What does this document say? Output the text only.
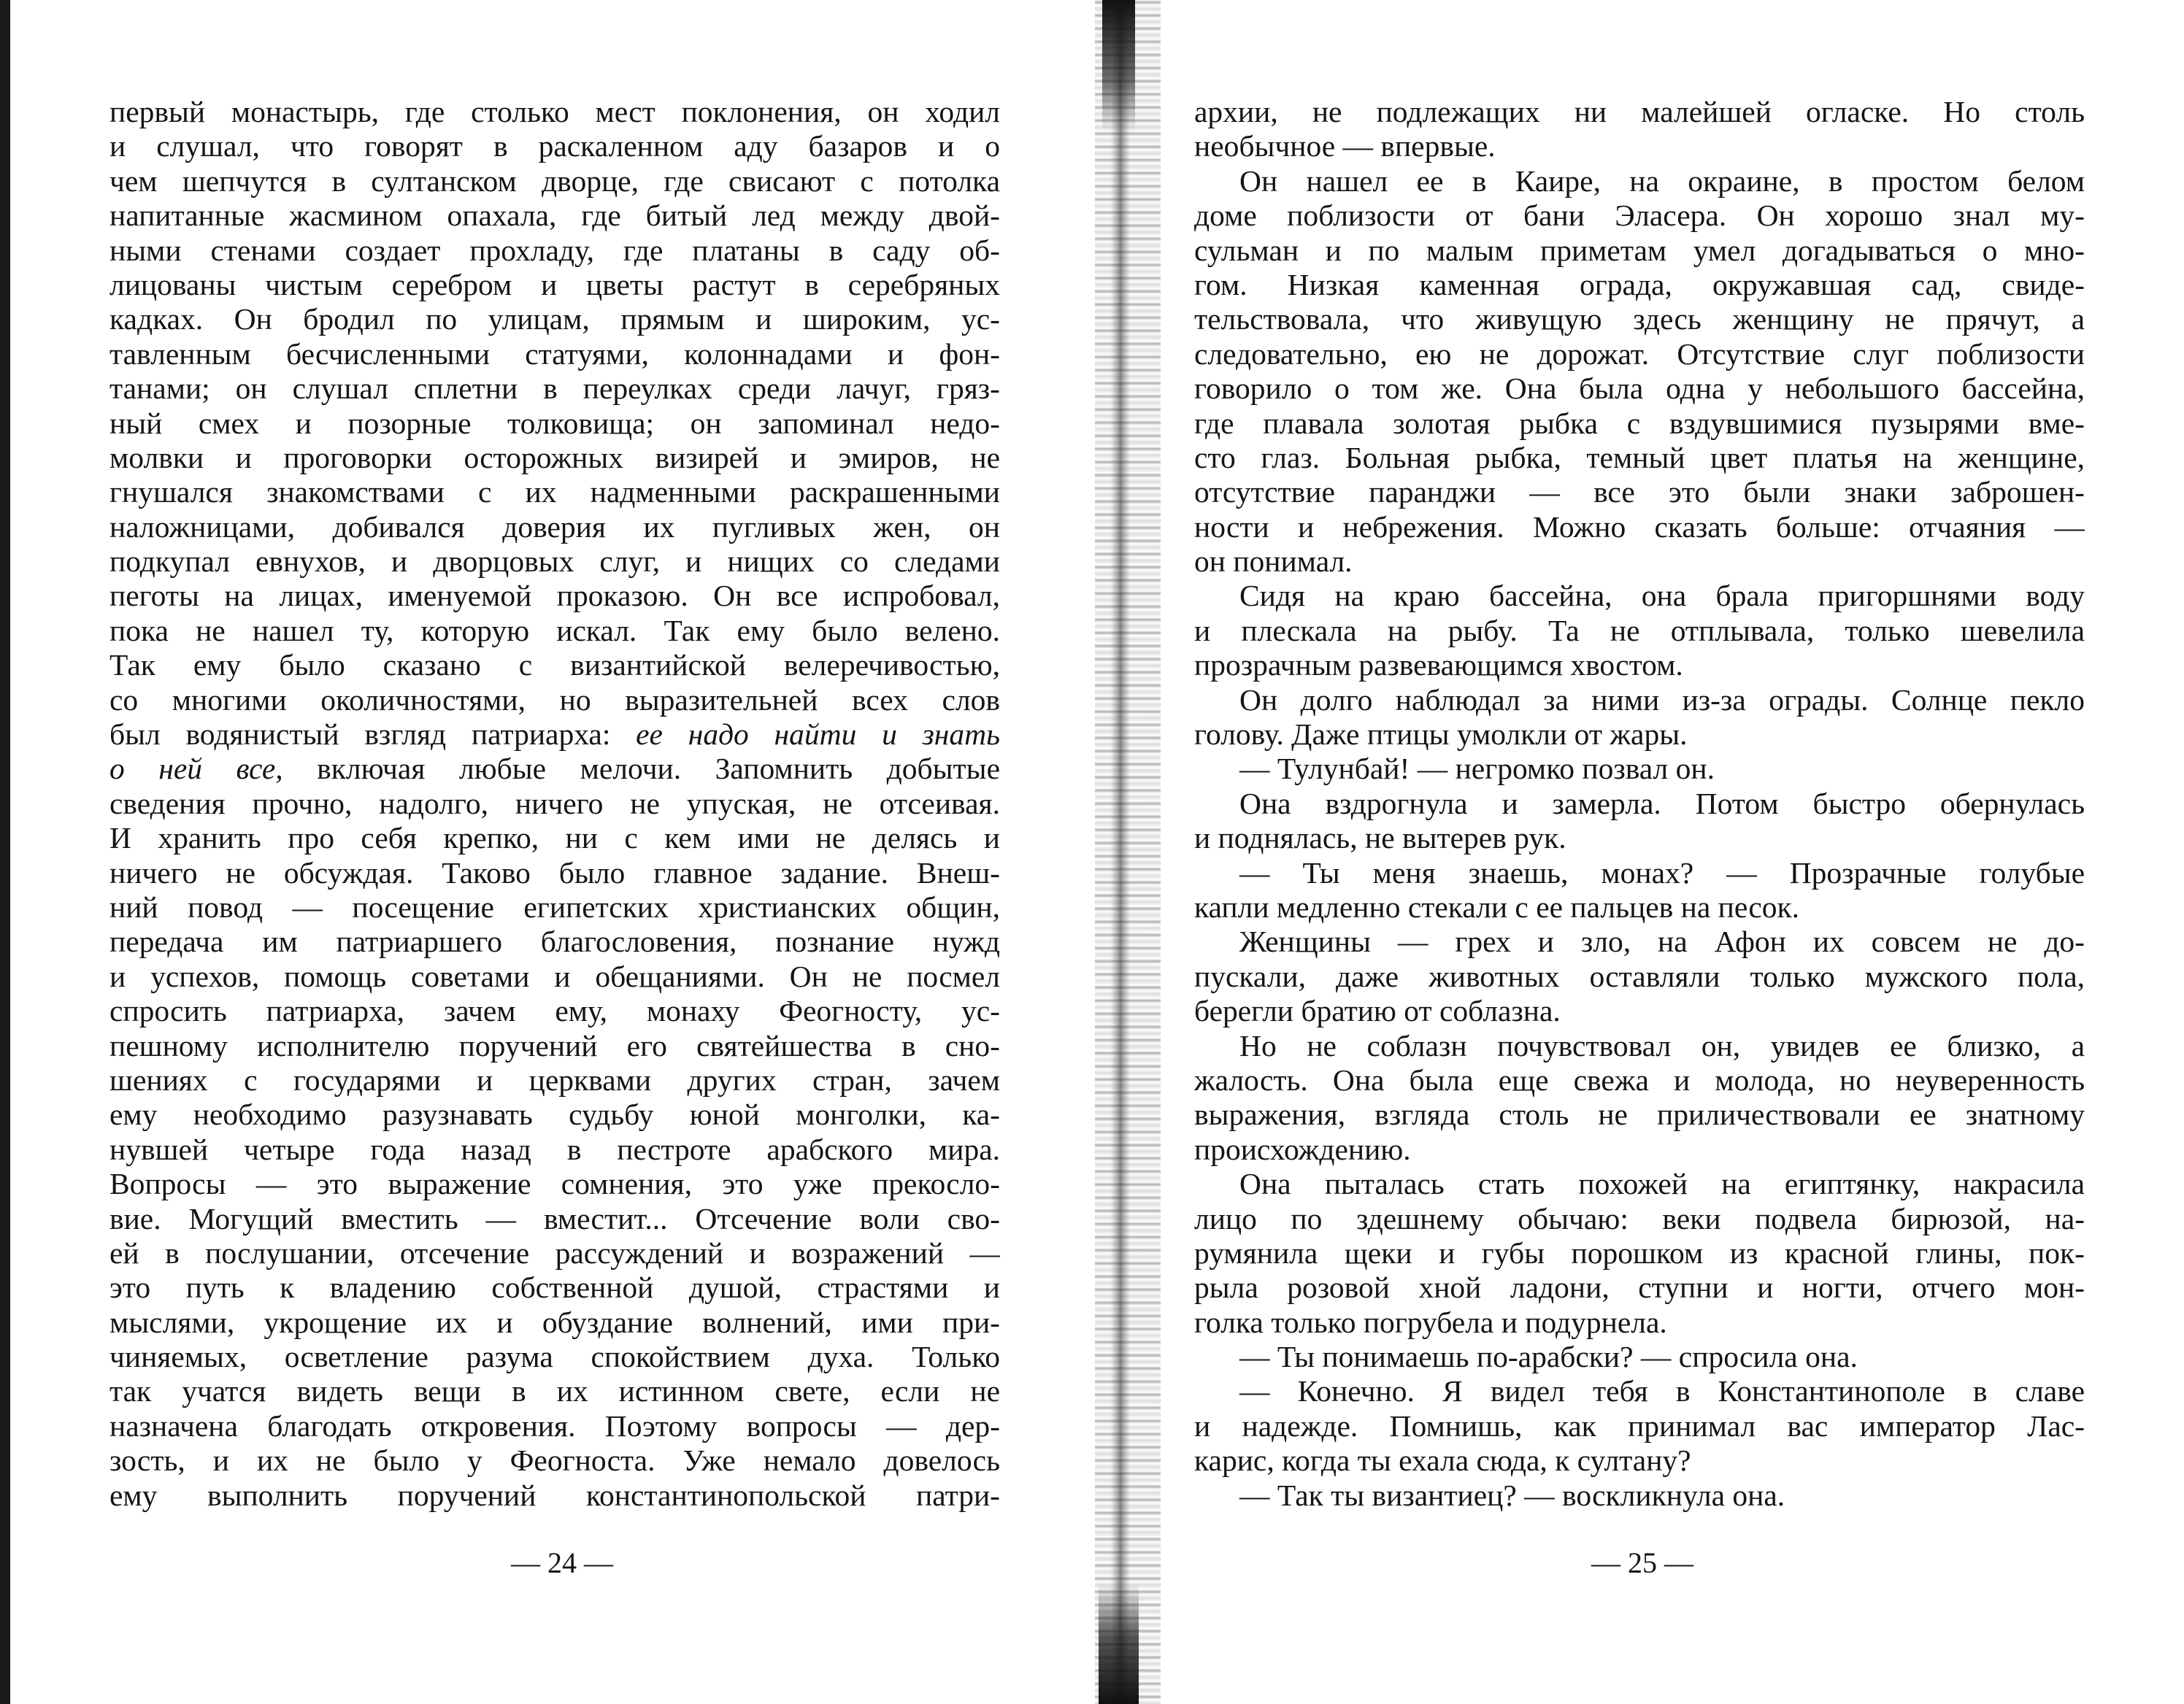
первый монастырь, где столько мест поклонения, он ходил
и слушал, что говорят в раскаленном аду базаров и о
чем шепчутся в султанском дворце, где свисают с потолка
напитанные жасмином опахала, где битый лед между двой-
ными стенами создает прохладу, где платаны в саду об-
лицованы чистым серебром и цветы растут в серебряных
кадках. Он бродил по улицам, прямым и широким, ус-
тавленным бесчисленными статуями, колоннадами и фон-
танами; он слушал сплетни в переулках среди лачуг, гряз-
ный смех и позорные толковища; он запоминал недо-
молвки и проговорки осторожных визирей и эмиров, не
гнушался знакомствами с их надменными раскрашенными
наложницами, добивался доверия их пугливых жен, он
подкупал евнухов, и дворцовых слуг, и нищих со следами
пеготы на лицах, именуемой проказою. Он все испробовал,
пока не нашел ту, которую искал. Так ему было велено.
Так ему было сказано с византийской велеречивостью,
со многими околичностями, но выразительней всех слов
был водянистый взгляд патриарха: ее надо найти и знать
о ней все, включая любые мелочи. Запомнить добытые
сведения прочно, надолго, ничего не упуская, не отсеивая.
И хранить про себя крепко, ни с кем ими не делясь и
ничего не обсуждая. Таково было главное задание. Внеш-
ний повод — посещение египетских христианских общин,
передача им патриаршего благословения, познание нужд
и успехов, помощь советами и обещаниями. Он не посмел
спросить патриарха, зачем ему, монаху Феогносту, ус-
пешному исполнителю поручений его святейшества в сно-
шениях с государями и церквами других стран, зачем
ему необходимо разузнавать судьбу юной монголки, ка-
нувшей четыре года назад в пестроте арабского мира.
Вопросы — это выражение сомнения, это уже прекосло-
вие. Могущий вместить — вместит... Отсечение воли сво-
ей в послушании, отсечение рассуждений и возражений —
это путь к владению собственной душой, страстями и
мыслями, укрощение их и обуздание волнений, ими при-
чиняемых, осветление разума спокойствием духа. Только
так учатся видеть вещи в их истинном свете, если не
назначена благодать откровения. Поэтому вопросы — дер-
зость, и их не было у Феогноста. Уже немало довелось
ему выполнить поручений константинопольской патри-
— 24 —
архии, не подлежащих ни малейшей огласке. Но столь
необычное — впервые.
Он нашел ее в Каире, на окраине, в простом белом
доме поблизости от бани Эласера. Он хорошо знал му-
сульман и по малым приметам умел догадываться о мно-
гом. Низкая каменная ограда, окружавшая сад, свиде-
тельствовала, что живущую здесь женщину не прячут, а
следовательно, ею не дорожат. Отсутствие слуг поблизости
говорило о том же. Она была одна у небольшого бассейна,
где плавала золотая рыбка с вздувшимися пузырями вме-
сто глаз. Больная рыбка, темный цвет платья на женщине,
отсутствие паранджи — все это были знаки заброшен-
ности и небрежения. Можно сказать больше: отчаяния —
он понимал.
Сидя на краю бассейна, она брала пригоршнями воду
и плескала на рыбу. Та не отплывала, только шевелила
прозрачным развевающимся хвостом.
Он долго наблюдал за ними из-за ограды. Солнце пекло
голову. Даже птицы умолкли от жары.
— Тулунбай! — негромко позвал он.
Она вздрогнула и замерла. Потом быстро обернулась
и поднялась, не вытерев рук.
— Ты меня знаешь, монах? — Прозрачные голубые
капли медленно стекали с ее пальцев на песок.
Женщины — грех и зло, на Афон их совсем не до-
пускали, даже животных оставляли только мужского пола,
берегли братию от соблазна.
Но не соблазн почувствовал он, увидев ее близко, а
жалость. Она была еще свежа и молода, но неуверенность
выражения, взгляда столь не приличествовали ее знатному
происхождению.
Она пыталась стать похожей на египтянку, накрасила
лицо по здешнему обычаю: веки подвела бирюзой, на-
румянила щеки и губы порошком из красной глины, пок-
рыла розовой хной ладони, ступни и ногти, отчего мон-
голка только погрубела и подурнела.
— Ты понимаешь по-арабски? — спросила она.
— Конечно. Я видел тебя в Константинополе в славе
и надежде. Помнишь, как принимал вас император Лас-
карис, когда ты ехала сюда, к султану?
— Так ты византиец? — воскликнула она.
— 25 —
